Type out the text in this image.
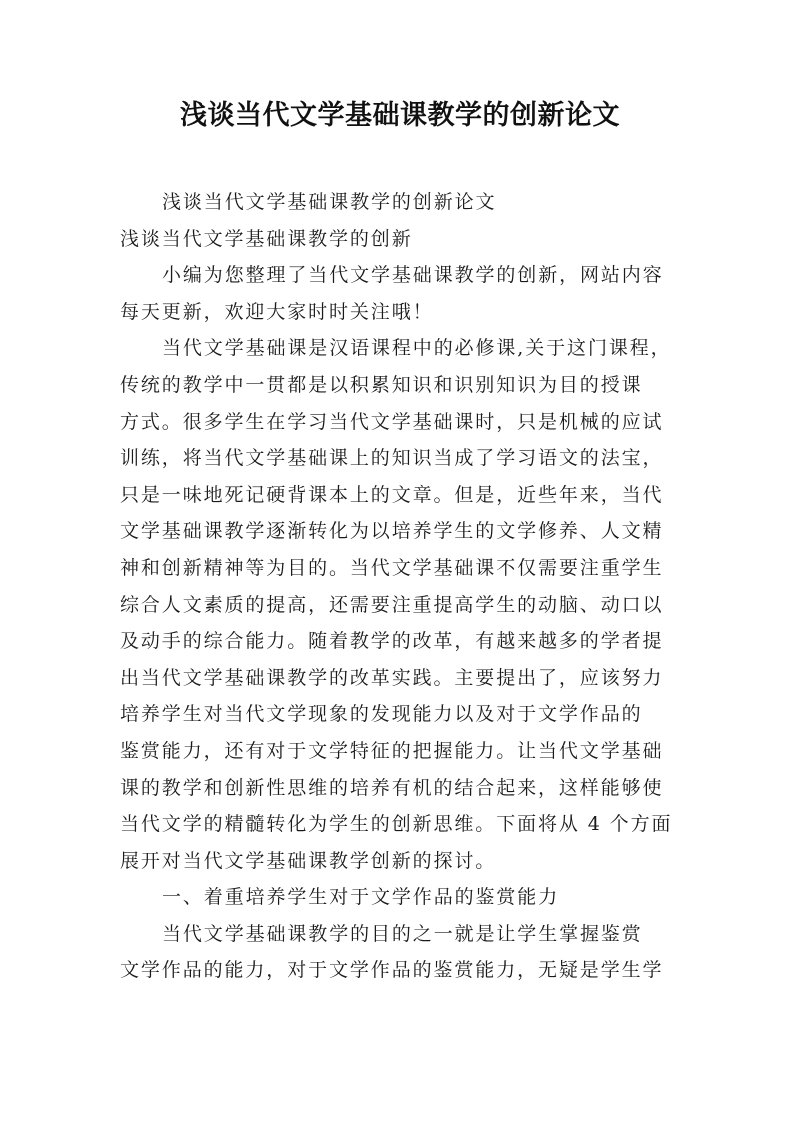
浅谈当代文学基础课教学的创新论文
浅谈当代文学基础课教学的创新论文
浅谈当代文学基础课教学的创新
小编为您整理了当代文学基础课教学的创新，网站内容
每天更新，欢迎大家时时关注哦！
当代文学基础课是汉语课程中的必修课,关于这门课程，
传统的教学中一贯都是以积累知识和识别知识为目的授课
方式。很多学生在学习当代文学基础课时，只是机械的应试
训练，将当代文学基础课上的知识当成了学习语文的法宝，
只是一味地死记硬背课本上的文章。但是，近些年来，当代
文学基础课教学逐渐转化为以培养学生的文学修养、人文精
神和创新精神等为目的。当代文学基础课不仅需要注重学生
综合人文素质的提高，还需要注重提高学生的动脑、动口以
及动手的综合能力。随着教学的改革，有越来越多的学者提
出当代文学基础课教学的改革实践。主要提出了，应该努力
培养学生对当代文学现象的发现能力以及对于文学作品的
鉴赏能力，还有对于文学特征的把握能力。让当代文学基础
课的教学和创新性思维的培养有机的结合起来，这样能够使
当代文学的精髓转化为学生的创新思维。下面将从 4 个方面
展开对当代文学基础课教学创新的探讨。
一、着重培养学生对于文学作品的鉴赏能力
当代文学基础课教学的目的之一就是让学生掌握鉴赏
文学作品的能力，对于文学作品的鉴赏能力，无疑是学生学
